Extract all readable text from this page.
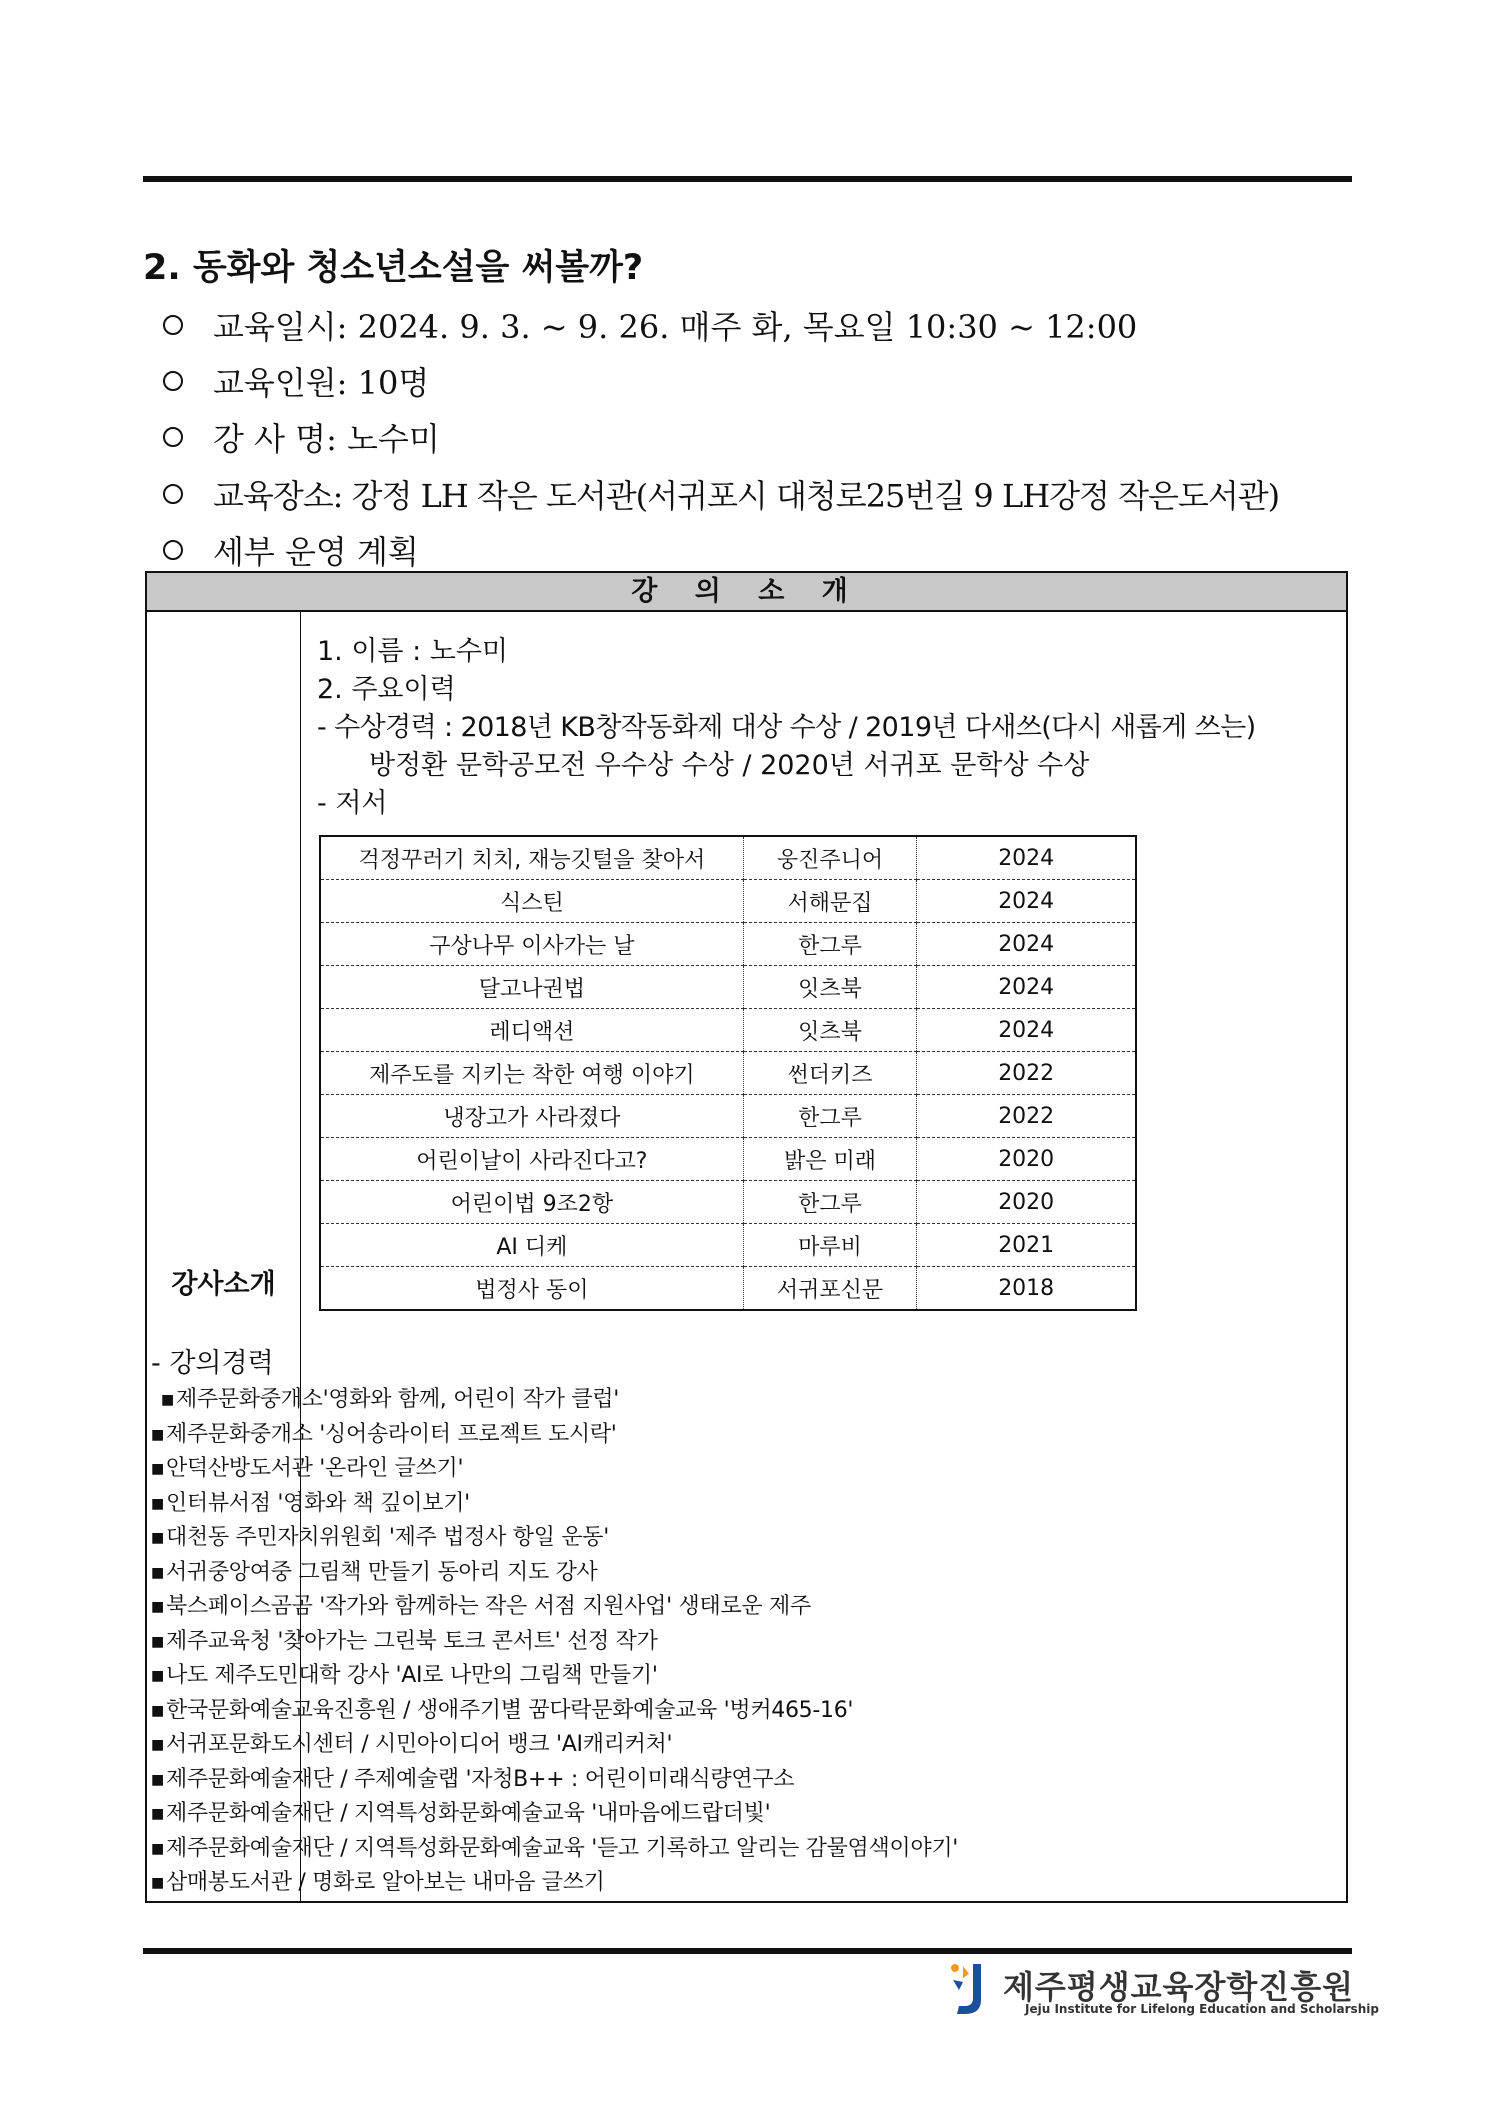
2. 동화와 청소년소설을 써볼까?
교육일시: 2024. 9. 3. ~ 9. 26. 매주 화, 목요일 10:30 ~ 12:00
교육인원: 10명
강 사 명: 노수미
교육장소: 강정 LH 작은 도서관(서귀포시 대청로25번길 9 LH강정 작은도서관)
세부 운영 계획
강 의 소 개
강사소개
1. 이름 : 노수미
2. 주요이력
- 수상경력 : 2018년 KB창작동화제 대상 수상 / 2019년 다새쓰(다시 새롭게 쓰는)
방정환 문학공모전 우수상 수상 / 2020년 서귀포 문학상 수상
- 저서
걱정꾸러기 치치, 재능깃털을 찾아서	웅진주니어	2024
식스틴	서해문집	2024
구상나무 이사가는 날	한그루	2024
달고나권법	잇츠북	2024
레디액션	잇츠북	2024
제주도를 지키는 착한 여행 이야기	썬더키즈	2022
냉장고가 사라졌다	한그루	2022
어린이날이 사라진다고?	밝은 미래	2020
어린이법 9조2항	한그루	2020
AI 디케	마루비	2021
법정사 동이	서귀포신문	2018
- 강의경력
■ 제주문화중개소'영화와 함께, 어린이 작가 클럽'
■ 제주문화중개소 '싱어송라이터 프로젝트 도시락'
■ 안덕산방도서관 '온라인 글쓰기'
■ 인터뷰서점 '영화와 책 깊이보기'
■ 대천동 주민자치위원회 '제주 법정사 항일 운동'
■ 서귀중앙여중 그림책 만들기 동아리 지도 강사
■ 북스페이스곰곰 '작가와 함께하는 작은 서점 지원사업' 생태로운 제주
■ 제주교육청 '찾아가는 그린북 토크 콘서트' 선정 작가
■ 나도 제주도민대학 강사 'AI로 나만의 그림책 만들기'
■ 한국문화예술교육진흥원 / 생애주기별 꿈다락문화예술교육 '벙커465-16'
■ 서귀포문화도시센터 / 시민아이디어 뱅크 'AI캐리커처'
■ 제주문화예술재단 / 주제예술랩 '자청B++ : 어린이미래식량연구소
■ 제주문화예술재단 / 지역특성화문화예술교육 '내마음에드랍더빛'
■ 제주문화예술재단 / 지역특성화문화예술교육 '듣고 기록하고 알리는 감물염색이야기'
■ 삼매봉도서관 / 명화로 알아보는 내마음 글쓰기
제주평생교육장학진흥원
Jeju Institute for Lifelong Education and Scholarship
